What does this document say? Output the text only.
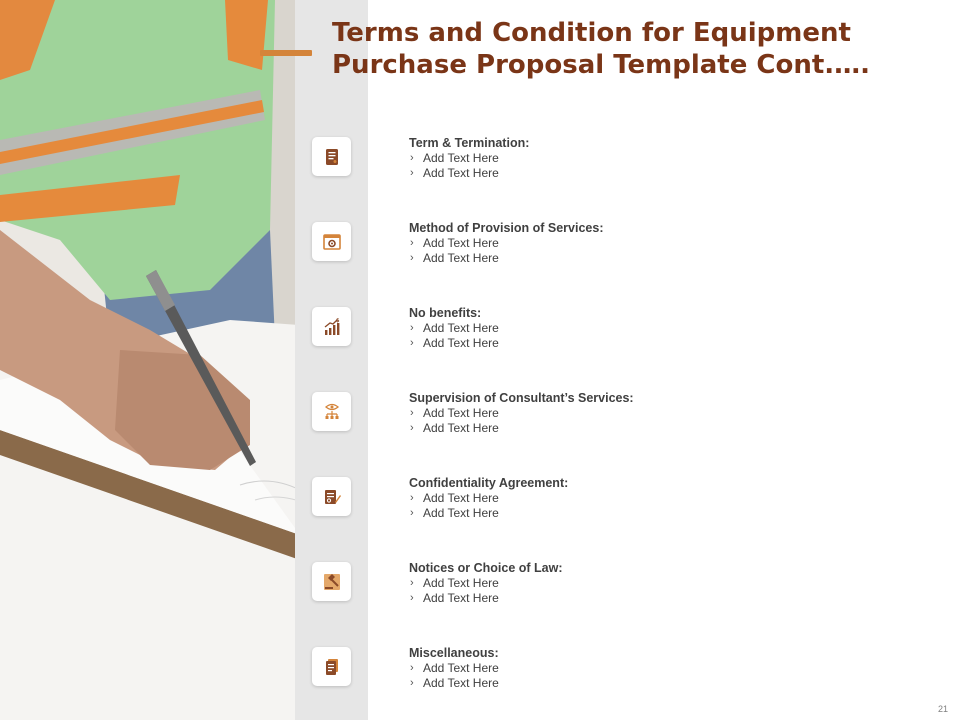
Terms and Condition for Equipment
Purchase Proposal Template Cont.….
Term & Termination:
› Add Text Here
› Add Text Here
Method of Provision of Services:
› Add Text Here
› Add Text Here
$
No benefits:
› Add Text Here
› Add Text Here
Supervision of Consultant’s Services:
› Add Text Here
› Add Text Here
Confidentiality Agreement:
› Add Text Here
› Add Text Here
Notices or Choice of Law:
› Add Text Here
› Add Text Here
Miscellaneous:
› Add Text Here
› Add Text Here
21
